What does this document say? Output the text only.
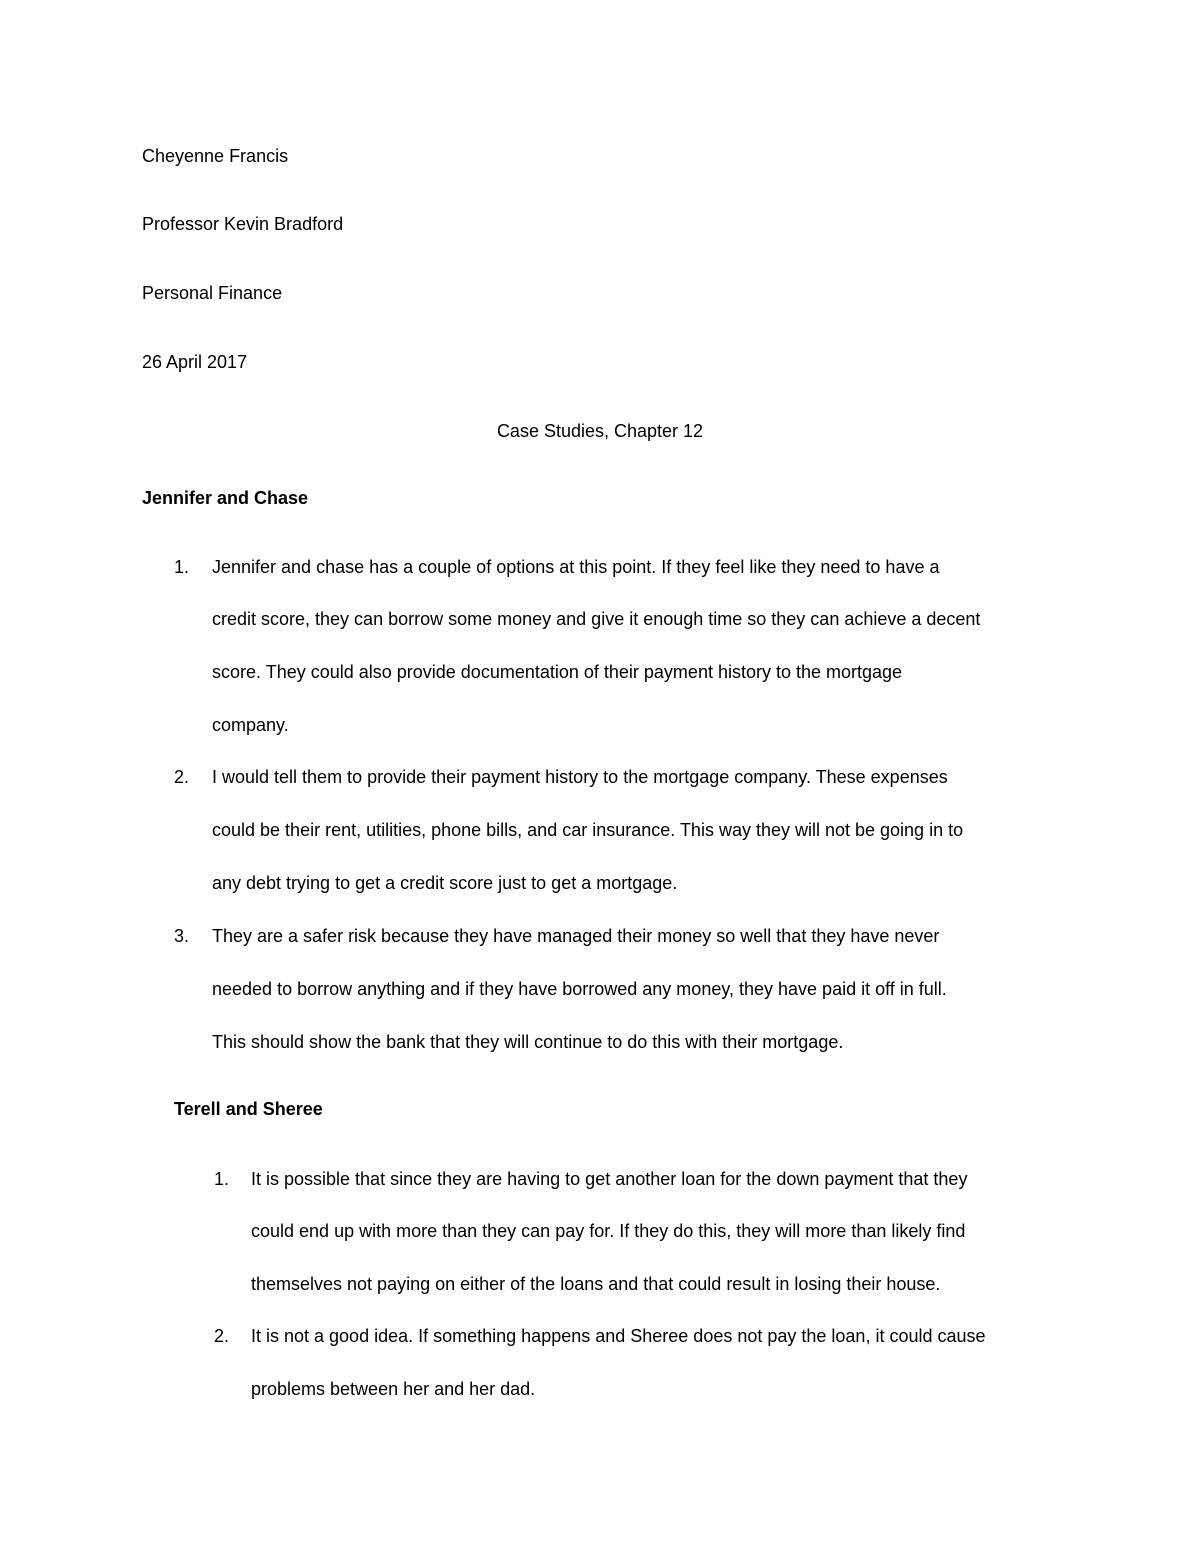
Cheyenne Francis
Professor Kevin Bradford
Personal Finance
26 April 2017
Case Studies, Chapter 12
Jennifer and Chase
1. Jennifer and chase has a couple of options at this point. If they feel like they need to have a
credit score, they can borrow some money and give it enough time so they can achieve a decent
score. They could also provide documentation of their payment history to the mortgage
company.
2. I would tell them to provide their payment history to the mortgage company. These expenses
could be their rent, utilities, phone bills, and car insurance. This way they will not be going in to
any debt trying to get a credit score just to get a mortgage.
3. They are a safer risk because they have managed their money so well that they have never
needed to borrow anything and if they have borrowed any money, they have paid it off in full.
This should show the bank that they will continue to do this with their mortgage.
Terell and Sheree
1. It is possible that since they are having to get another loan for the down payment that they
could end up with more than they can pay for. If they do this, they will more than likely find
themselves not paying on either of the loans and that could result in losing their house.
2. It is not a good idea. If something happens and Sheree does not pay the loan, it could cause
problems between her and her dad.
